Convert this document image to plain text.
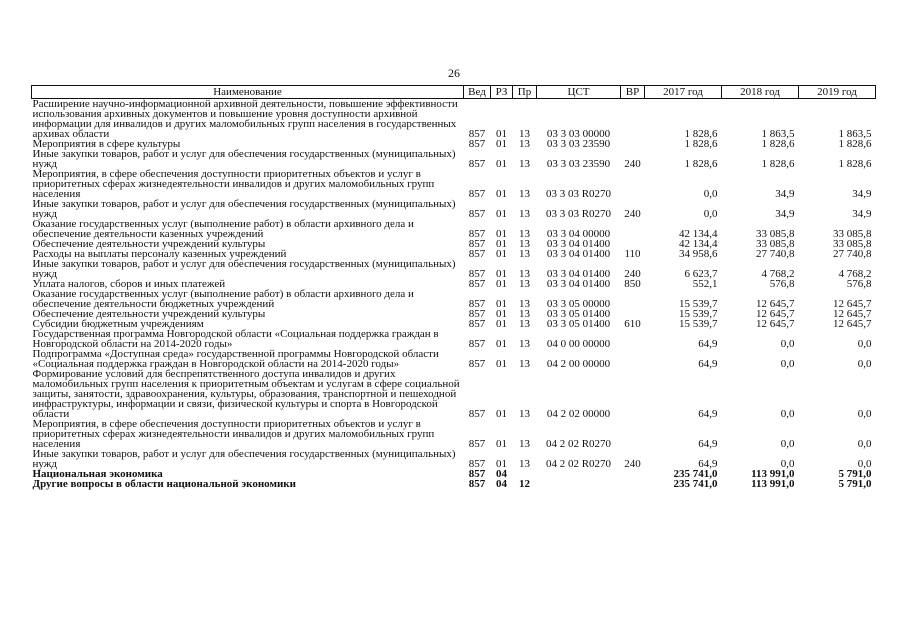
26
Наименование	Вед	РЗ	Пр	ЦСТ	ВР	2017 год	2018 год	2019 год
Расширение научно-информационной архивной деятельности, повышение эффективности использования архивных документов и повышение уровня доступности архивной информации для инвалидов и других маломобильных групп населения в государственных архивах области	857	01	13	03 3 03 00000		1 828,6	1 863,5	1 863,5
Мероприятия в сфере культуры	857	01	13	03 3 03 23590		1 828,6	1 828,6	1 828,6
Иные закупки товаров, работ и услуг для обеспечения государственных (муниципальных) нужд	857	01	13	03 3 03 23590	240	1 828,6	1 828,6	1 828,6
Мероприятия, в сфере обеспечения доступности приоритетных объектов и услуг в приоритетных сферах жизнедеятельности инвалидов и других маломобильных групп населения	857	01	13	03 3 03 R0270		0,0	34,9	34,9
Иные закупки товаров, работ и услуг для обеспечения государственных (муниципальных) нужд	857	01	13	03 3 03 R0270	240	0,0	34,9	34,9
Оказание государственных услуг (выполнение работ) в области архивного дела и обеспечение деятельности казенных учреждений	857	01	13	03 3 04 00000		42 134,4	33 085,8	33 085,8
Обеспечение деятельности учреждений культуры	857	01	13	03 3 04 01400		42 134,4	33 085,8	33 085,8
Расходы на выплаты персоналу казенных учреждений	857	01	13	03 3 04 01400	110	34 958,6	27 740,8	27 740,8
Иные закупки товаров, работ и услуг для обеспечения государственных (муниципальных) нужд	857	01	13	03 3 04 01400	240	6 623,7	4 768,2	4 768,2
Уплата налогов, сборов и иных платежей	857	01	13	03 3 04 01400	850	552,1	576,8	576,8
Оказание государственных услуг (выполнение работ) в области архивного дела и обеспечение деятельности бюджетных учреждений	857	01	13	03 3 05 00000		15 539,7	12 645,7	12 645,7
Обеспечение деятельности учреждений культуры	857	01	13	03 3 05 01400		15 539,7	12 645,7	12 645,7
Субсидии бюджетным учреждениям	857	01	13	03 3 05 01400	610	15 539,7	12 645,7	12 645,7
Государственная программа Новгородской области «Социальная поддержка граждан в Новгородской области на 2014-2020 годы»	857	01	13	04 0 00 00000		64,9	0,0	0,0
Подпрограмма «Доступная среда» государственной программы Новгородской области «Социальная поддержка граждан в Новгородской области на 2014-2020 годы»	857	01	13	04 2 00 00000		64,9	0,0	0,0
Формирование условий для беспрепятственного доступа инвалидов и других маломобильных групп населения к приоритетным объектам и услугам в сфере социальной защиты, занятости, здравоохранения, культуры, образования, транспортной и пешеходной инфраструктуры, информации и связи, физической культуры и спорта в Новгородской области	857	01	13	04 2 02 00000		64,9	0,0	0,0
Мероприятия, в сфере обеспечения доступности приоритетных объектов и услуг в приоритетных сферах жизнедеятельности инвалидов и других маломобильных групп населения	857	01	13	04 2 02 R0270		64,9	0,0	0,0
Иные закупки товаров, работ и услуг для обеспечения государственных (муниципальных) нужд	857	01	13	04 2 02 R0270	240	64,9	0,0	0,0
Национальная экономика	857	04				235 741,0	113 991,0	5 791,0
Другие вопросы в области национальной экономики	857	04	12			235 741,0	113 991,0	5 791,0
